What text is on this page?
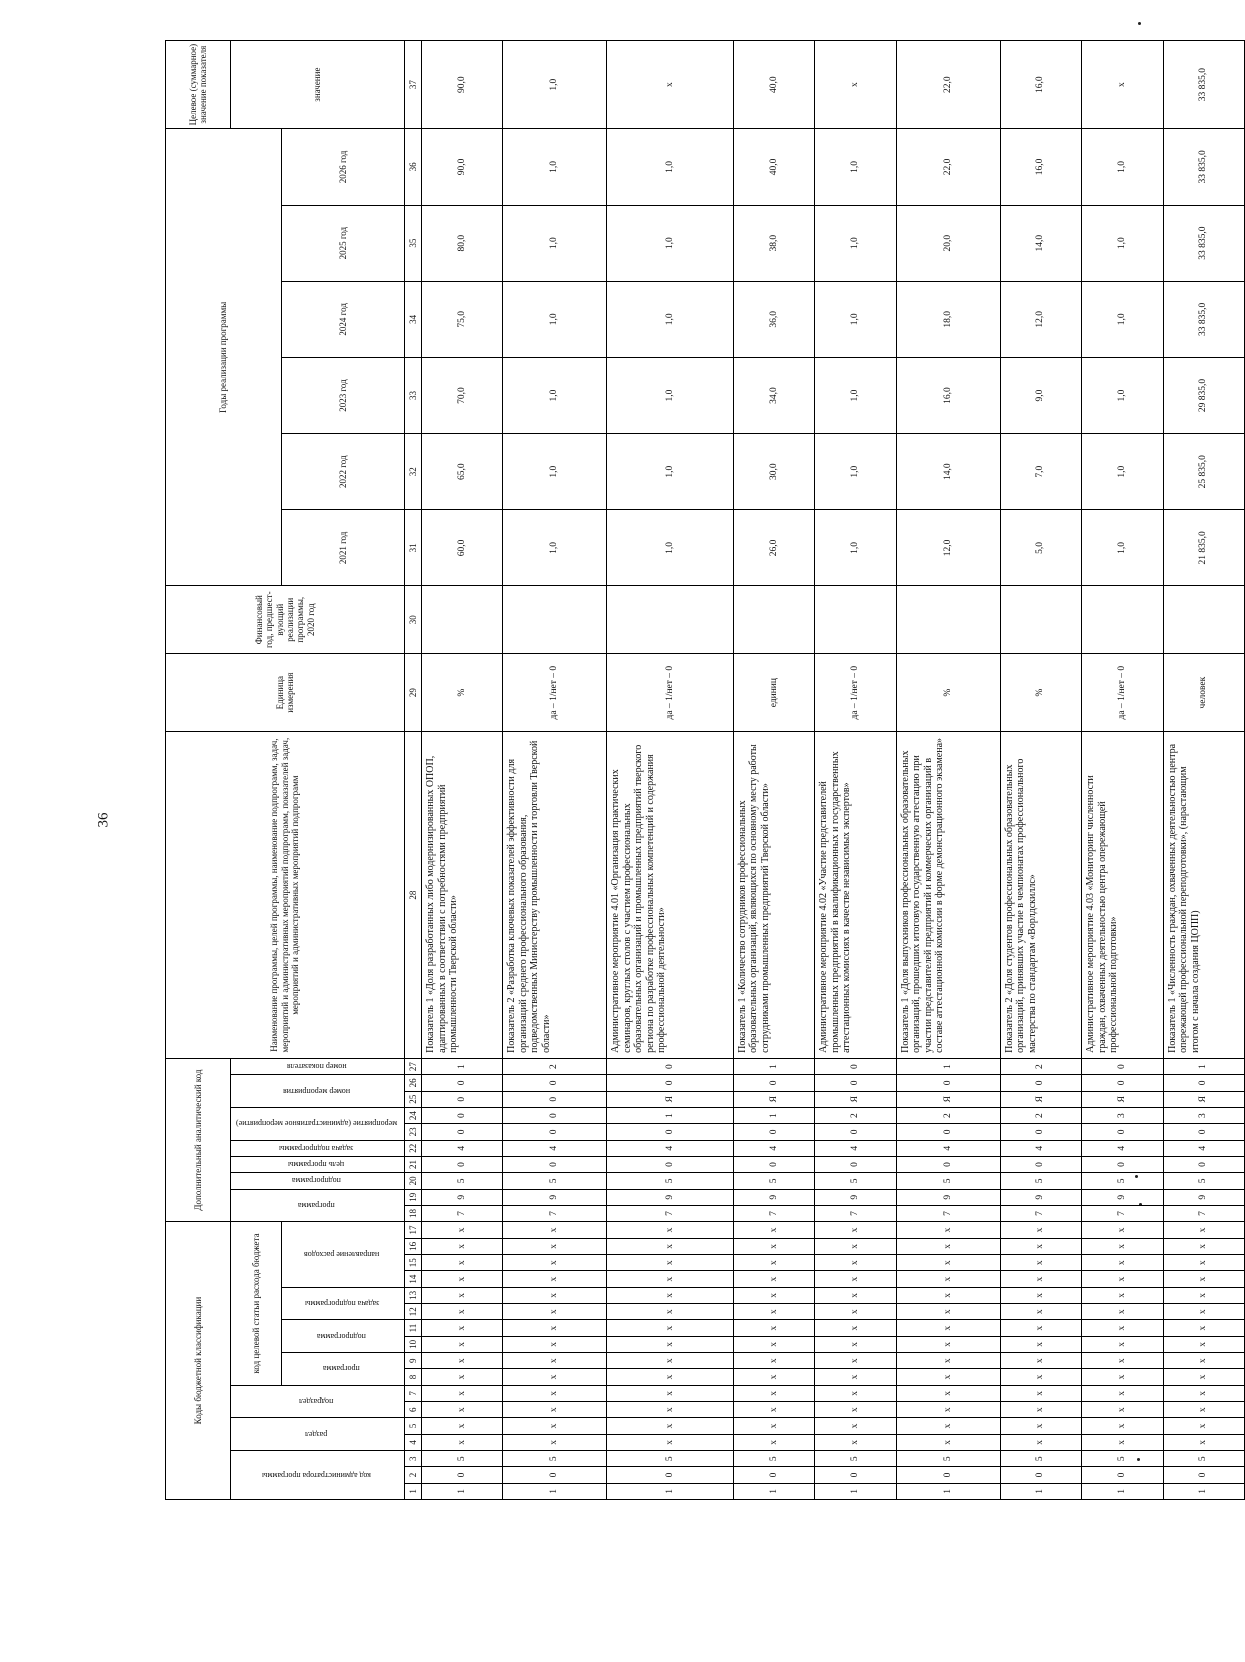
36
Коды бюджетной классификации																	Дополнительный аналитический код										Наименование программы, целей программы, наименование подпрограмм, задач, мероприятий и административных мероприятий подпрограмм, показателей задач, мероприятий и административных мероприятий подпрограмм	Единица измерения	Финансовый год, предшест- вующий реализации программы, 2020 год	Годы реализации программы						Целевое (суммарное) значение показателя
код администратора программы			раздел		подраздел		код целевой статьи расхода бюджета										программа		подпрограмма	цель программы	задача подпрограммы	мероприятие (административное мероприятие)		номер мероприятия		номер показателя										значение
							программа		подпрограмма		задача подпрограммы		направление расходов																	2021 год	2022 год	2023 год	2024 год	2025 год	2026 год	
1	2	3	4	5	6	7	8	9	10	11	12	13	14	15	16	17	18	19	20	21	22	23	24	25	26	27	28	29	30	31	32	33	34	35	36	37
1	0	5	х	х	х	х	х	х	х	х	х	х	х	х	х	х	7	9	5	0	4	0	0	0	0	1	Показатель 1 «Доля разработанных либо модернизированных ОПОП, адаптированных в соответствии с потребностями предприятий промышленности Тверской области»	%		60,0	65,0	70,0	75,0	80,0	90,0	90,0
1	0	5	х	х	х	х	х	х	х	х	х	х	х	х	х	х	7	9	5	0	4	0	0	0	0	2	Показатель 2 «Разработка ключевых показателей эффективности для организаций среднего профессионального образования, подведомственных Министерству промышленности и торговли Тверской области»	да – 1/нет – 0		1,0	1,0	1,0	1,0	1,0	1,0	1,0
1	0	5	х	х	х	х	х	х	х	х	х	х	х	х	х	х	7	9	5	0	4	0	1	Я	0	0	Административное мероприятие 4.01 «Организация практических семинаров, круглых столов с участием профессиональных образовательных организаций и промышленных предприятий тверского региона по разработке профессиональных компетенций и содержания профессиональной деятельности»	да – 1/нет – 0		1,0	1,0	1,0	1,0	1,0	1,0	х
1	0	5	х	х	х	х	х	х	х	х	х	х	х	х	х	х	7	9	5	0	4	0	1	Я	0	1	Показатель 1 «Количество сотрудников профессиональных образовательных организаций, являющихся по основному месту работы сотрудниками промышленных предприятий Тверской области»	единиц		26,0	30,0	34,0	36,0	38,0	40,0	40,0
1	0	5	х	х	х	х	х	х	х	х	х	х	х	х	х	х	7	9	5	0	4	0	2	Я	0	0	Административное мероприятие 4.02 «Участие представителей промышленных предприятий в квалификационных и государственных аттестационных комиссиях в качестве независимых экспертов»	да – 1/нет – 0		1,0	1,0	1,0	1,0	1,0	1,0	х
1	0	5	х	х	х	х	х	х	х	х	х	х	х	х	х	х	7	9	5	0	4	0	2	Я	0	1	Показатель 1 «Доля выпускников профессиональных образовательных организаций, прошедших итоговую государственную аттестацию при участии представителей предприятий и коммерческих организаций в составе аттестационной комиссии в форме демонстрационного экзамена»	%		12,0	14,0	16,0	18,0	20,0	22,0	22,0
1	0	5	х	х	х	х	х	х	х	х	х	х	х	х	х	х	7	9	5	0	4	0	2	Я	0	2	Показатель 2 «Доля студентов профессиональных образовательных организаций, принявших участие в чемпионатах профессионального мастерства по стандартам «Ворлдскиллс»	%		5,0	7,0	9,0	12,0	14,0	16,0	16,0
1	0	5	х	х	х	х	х	х	х	х	х	х	х	х	х	х	7	9	5	0	4	0	3	Я	0	0	Административное мероприятие 4.03 «Мониторинг численности граждан, охваченных деятельностью центра опережающей профессиональной подготовки»	да – 1/нет – 0		1,0	1,0	1,0	1,0	1,0	1,0	х
1	0	5	х	х	х	х	х	х	х	х	х	х	х	х	х	х	7	9	5	0	4	0	3	Я	0	1	Показатель 1 «Численность граждан, охваченных деятельностью центра опережающей профессиональной переподготовки», (нарастающим итогом с начала создания ЦОПП)	человек		21 835,0	25 835,0	29 835,0	33 835,0	33 835,0	33 835,0	33 835,0
